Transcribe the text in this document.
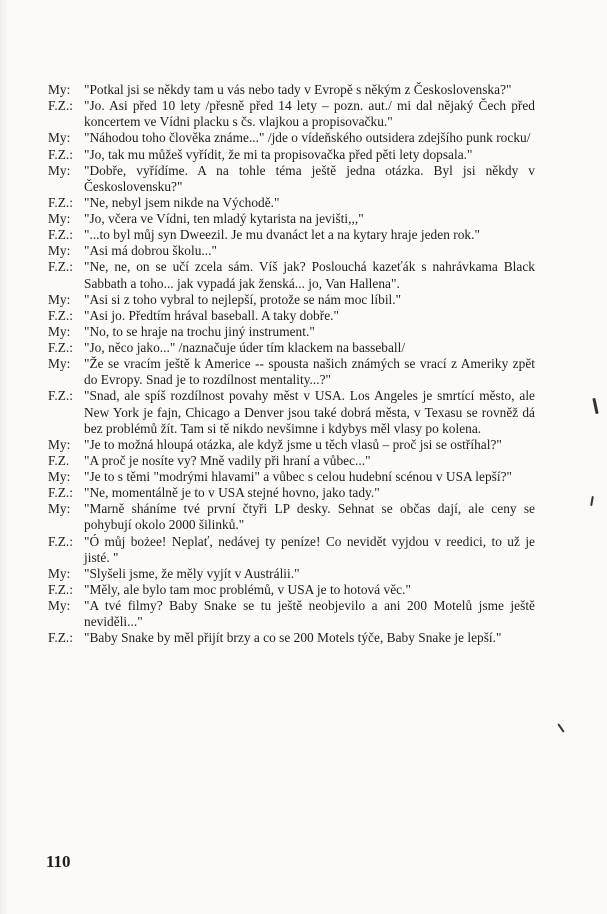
My:	"Potkal jsi se někdy tam u vás nebo tady v Evropě s někým z Československa?"
F.Z.: "Jo. Asi před 10 lety /přesně před 14 lety – pozn. aut./ mi dal nějaký Čech před koncertem ve Vídni placku s čs. vlajkou a propisovačku."
My:	"Náhodou toho člověka známe..." /jde o vídeňského outsidera zdejšího punk rocku/
F.Z.: "Jo, tak mu můžeš vyřídit, že mi ta propisovačka před pěti lety dopsala."
My:	"Dobře, vyřídíme. A na tohle téma ještě jedna otázka. Byl jsi někdy v Československu?"
F.Z.: "Ne, nebyl jsem nikde na Východě."
My:	"Jo, včera ve Vídni, ten mladý kytarista na jevišti,,,"
F.Z.: "...to byl můj syn Dweezil. Je mu dvanáct let a na kytary hraje jeden rok."
My:	"Asi má dobrou školu..."
F.Z.: "Ne, ne, on se učí zcela sám. Víš jak? Poslouchá kazeťák s nahrávkama Black Sabbath a toho... jak vypadá jak ženská... jo, Van Hallena".
My:	"Asi si z toho vybral to nejlepší, protože se nám moc líbil."
F.Z.: "Asi jo. Předtím hrával baseball. A taky dobře."
My:	"No, to se hraje na trochu jiný instrument."
F.Z.: "Jo, něco jako..." /naznačuje úder tím klackem na basseball/
My:	"Že se vracím ještě k Americe -- spousta našich známých se vrací z Ameriky zpět do Evropy. Snad je to rozdílnost mentality...?"
F.Z.: "Snad, ale spíš rozdílnost povahy měst v USA. Los Angeles je smrtící město, ale New York je fajn, Chicago a Denver jsou také dobrá města, v Texasu se rovněž dá bez problémů žít. Tam si tě nikdo nevšimne i kdybys měl vlasy po kolena.
My:	"Je to možná hloupá otázka, ale když jsme u těch vlasů – proč jsi se ostříhal?"
F.Z.	"A proč je nosíte vy? Mně vadily při hraní a vůbec..."
My:	"Je to s těmi "modrými hlavami" a vůbec s celou hudební scénou v USA lepší?"
F.Z.: "Ne, momentálně je to v USA stejné hovno, jako tady."
My:	"Marně sháníme tvé první čtyři LP desky. Sehnat se občas dají, ale ceny se pohybují okolo 2000 šilinků."
F.Z.: "Ó můj bożee! Neplať, nedávej ty peníze! Co nevidět vyjdou v reedici, to už je jisté. "
My:	"Slyšeli jsme, že měly vyjít v Austrálii."
F.Z.: "Měly, ale bylo tam moc problémů, v USA je to hotová věc."
My:	"A tvé filmy? Baby Snake se tu ještě neobjevilo a ani 200 Motelů jsme ještě neviděli..."
F.Z.: "Baby Snake by měl přijít brzy a co se 200 Motels týče, Baby Snake je lepší."
110
